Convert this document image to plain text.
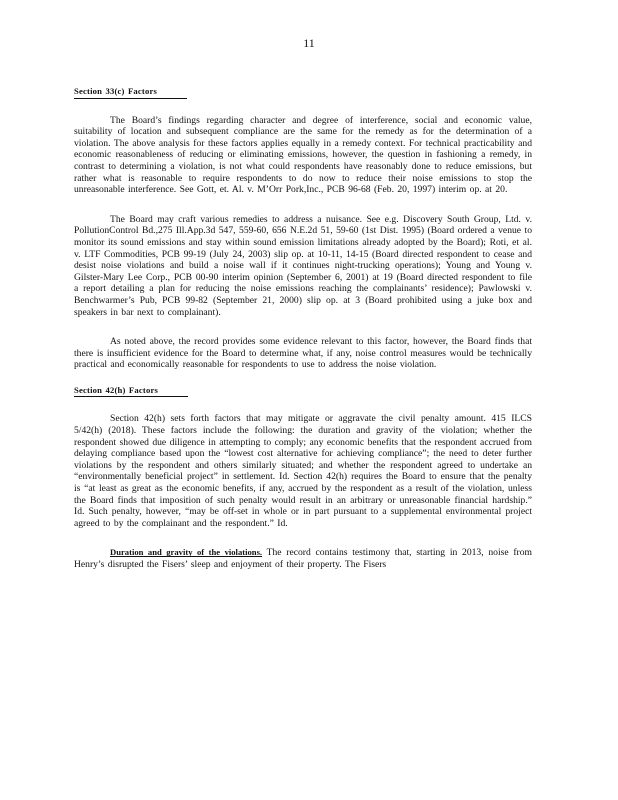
11
Section 33(c) Factors

The Board’s findings regarding character and degree of interference, social and economic value, suitability of location and subsequent compliance are the same for the remedy as for the determination of a violation. The above analysis for these factors applies equally in a remedy context. For technical practicability and economic reasonableness of reducing or eliminating emissions, however, the question in fashioning a remedy, in contrast to determining a violation, is not what could respondents have reasonably done to reduce emissions, but rather what is reasonable to require respondents to do now to reduce their noise emissions to stop the unreasonable interference. See Gott, et. Al. v. M’Orr Pork,Inc., PCB 96-68 (Feb. 20, 1997) interim op. at 20.

The Board may craft various remedies to address a nuisance. See e.g. Discovery South Group, Ltd. v. PollutionControl Bd.,275 Ill.App.3d 547, 559-60, 656 N.E.2d 51, 59-60 (1st Dist. 1995) (Board ordered a venue to monitor its sound emissions and stay within sound emission limitations already adopted by the Board); Roti, et al. v. LTF Commodities, PCB 99-19 (July 24, 2003) slip op. at 10-11, 14-15 (Board directed respondent to cease and desist noise violations and build a noise wall if it continues night-trucking operations); Young and Young v. Gilster-Mary Lee Corp., PCB 00-90 interim opinion (September 6, 2001) at 19 (Board directed respondent to file a report detailing a plan for reducing the noise emissions reaching the complainants’ residence); Pawlowski v. Benchwarmer’s Pub, PCB 99-82 (September 21, 2000) slip op. at 3 (Board prohibited using a juke box and speakers in bar next to complainant).

As noted above, the record provides some evidence relevant to this factor, however, the Board finds that there is insufficient evidence for the Board to determine what, if any, noise control measures would be technically practical and economically reasonable for respondents to use to address the noise violation.

Section 42(h) Factors

Section 42(h) sets forth factors that may mitigate or aggravate the civil penalty amount. 415 ILCS 5/42(h) (2018). These factors include the following: the duration and gravity of the violation; whether the respondent showed due diligence in attempting to comply; any economic benefits that the respondent accrued from delaying compliance based upon the “lowest cost alternative for achieving compliance”; the need to deter further violations by the respondent and others similarly situated; and whether the respondent agreed to undertake an “environmentally beneficial project” in settlement. Id. Section 42(h) requires the Board to ensure that the penalty is “at least as great as the economic benefits, if any, accrued by the respondent as a result of the violation, unless the Board finds that imposition of such penalty would result in an arbitrary or unreasonable financial hardship.” Id. Such penalty, however, “may be off-set in whole or in part pursuant to a supplemental environmental project agreed to by the complainant and the respondent.” Id.

Duration and gravity of the violations. The record contains testimony that, starting in 2013, noise from Henry’s disrupted the Fisers’ sleep and enjoyment of their property. The Fisers
